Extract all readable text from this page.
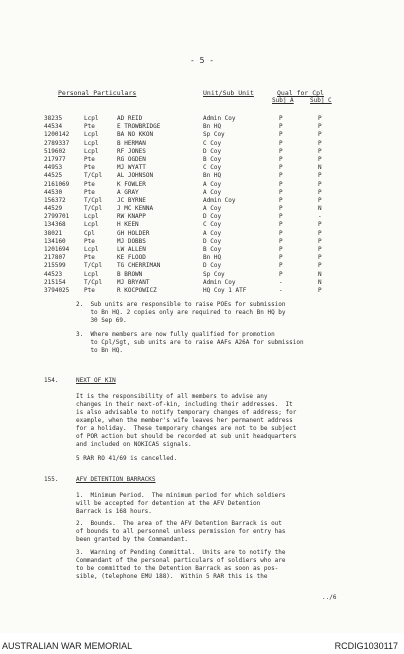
- 5 -
Personal Particulars	Unit/Sub Unit	Qual for Cpl
Subj A	Subj C
38235	Lcpl	AD REID	Admin Coy	P	P
44534	Pte	E TROWBRIDGE	Bn HQ	P	P
1200142 Lcpl	BA NO KKON	Sp Coy	P	P
2789337 Lcpl	B HERMAN	C Coy	P	P
519602	Lcpl	RF JONES	D Coy	P	P
217977	Pte	RG OGDEN	B Coy	P	P
44953	Pte	MJ WYATT	C Coy	P	N
44525	T/Cpl AL JOHNSON	Bn HQ	P	P
2161069 Pte	K FOWLER	A Coy	P	P
44530	Pte	A GRAY	A Coy	P	P
156372	T/Cpl JC BYRNE	Admin Coy	P	P
44529	T/Cpl J MC KENNA	A Coy	P	N
2799701 Lcpl	RW KNAPP	D Coy	P	-
134368	Lcpl	H KEEN	C Coy	P	P
38021	Cpl	GH HOLDER	A Coy	P	P
134160	Pte	MJ DOBBS	D Coy	P	P
1201694 Lcpl	LW ALLEN	B Coy	P	P
217807	Pte	KE FLOOD	Bn HQ	P	P
215599	T/Cpl TG CHERRIMAN	D Coy	P	P
44523	Lcpl	B BROWN	Sp Coy	P	N
215154	T/Cpl MJ BRYANT	Admin Coy	-	N
3794025 Pte	R KOCPOWICZ	HQ Coy 1 ATF	-	P
2.  Sub units are responsible to raise POEs for submission
to Bn HQ. 2 copies only are required to reach Bn HQ by
30 Sep 69.
3.  Where members are now fully qualified for promotion
to Cpl/Sgt, sub units are to raise AAFs A26A for submission
to Bn HQ.
154.	NEXT OF KIN
It is the responsibility of all members to advise any
changes in their next-of-kin, including their addresses.  It
is also advisable to notify temporary changes of address; for
example, when the member's wife leaves her permanent address
for a holiday.  These temporary changes are not to be subject
of POR action but should be recorded at sub unit headquarters
and included on NOKICAS signals.
5 RAR RO 41/69 is cancelled.
155.	AFV DETENTION BARRACKS
1.  Minimum Period.  The minimum period for which soldiers
will be accepted for detention at the AFV Detention
Barrack is 168 hours.
2.  Bounds.  The area of the AFV Detention Barrack is out
of bounds to all personnel unless permission for entry has
been granted by the Commandant.
3.  Warning of Pending Committal.  Units are to notify the
Commandant of the personal particulars of soldiers who are
to be committed to the Detention Barrack as soon as pos-
sible, (telephone EMU 188).  Within 5 RAR this is the
../6
AUSTRALIAN WAR MEMORIAL	RCDIG1030117
